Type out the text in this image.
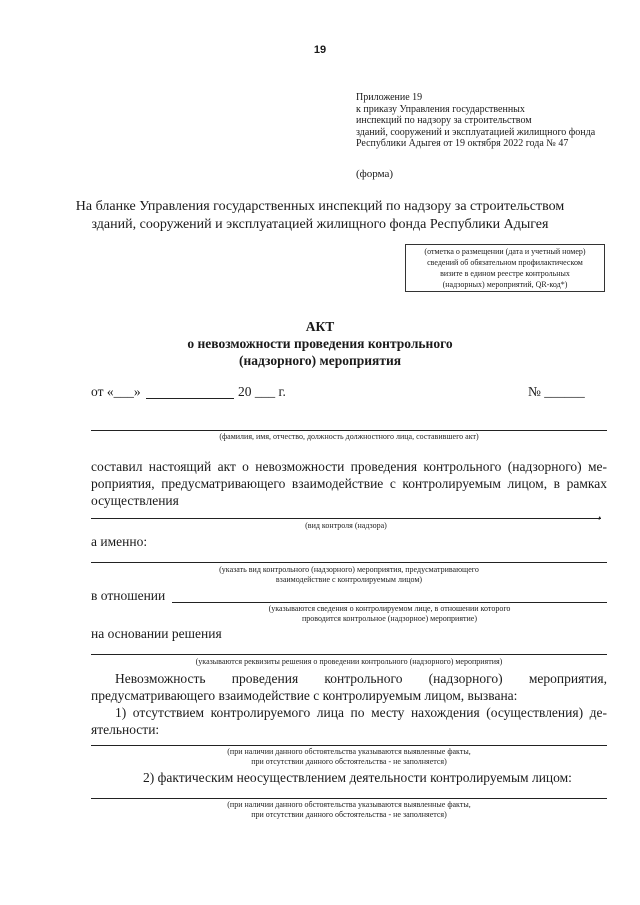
19
Приложение 19
к приказу Управления государственных
инспекций по надзору за строительством
зданий, сооружений и эксплуатацией жилищного фонда
Республики Адыгея от 19 октября 2022 года № 47
(форма)
На бланке Управления государственных инспекций по надзору за строительством
зданий, сооружений и эксплуатацией жилищного фонда Республики Адыгея
(отметка о размещении (дата и учетный номер)
сведений об обязательном профилактическом
визите в едином реестре контрольных
(надзорных) мероприятий, QR-код*)
АКТ
о невозможности проведения контрольного
(надзорного) мероприятия
от «___»	20 ___ г.	№ ______
(фамилия, имя, отчество, должность должностного лица, составившего акт)
составил настоящий акт о невозможности проведения контрольного (надзорного) ме-
роприятия, предусматривающего взаимодействие с контролируемым лицом, в рамках
осуществления
,
(вид контроля (надзора)
а именно:
(указать вид контрольного (надзорного) мероприятия, предусматривающего
взаимодействие с контролируемым лицом)
в отношении
(указываются сведения о контролируемом лице, в отношении которого
проводится контрольное (надзорное) мероприятие)
на основании решения
(указываются реквизиты решения о проведении контрольного (надзорного) мероприятия)
Невозможность проведения контрольного (надзорного) мероприятия,
предусматривающего взаимодействие с контролируемым лицом, вызвана:
1) отсутствием контролируемого лица по месту нахождения (осуществления) де-
ятельности:
(при наличии данного обстоятельства указываются выявленные факты,
при отсутствии данного обстоятельства - не заполняется)
2) фактическим неосуществлением деятельности контролируемым лицом:
(при наличии данного обстоятельства указываются выявленные факты,
при отсутствии данного обстоятельства - не заполняется)
